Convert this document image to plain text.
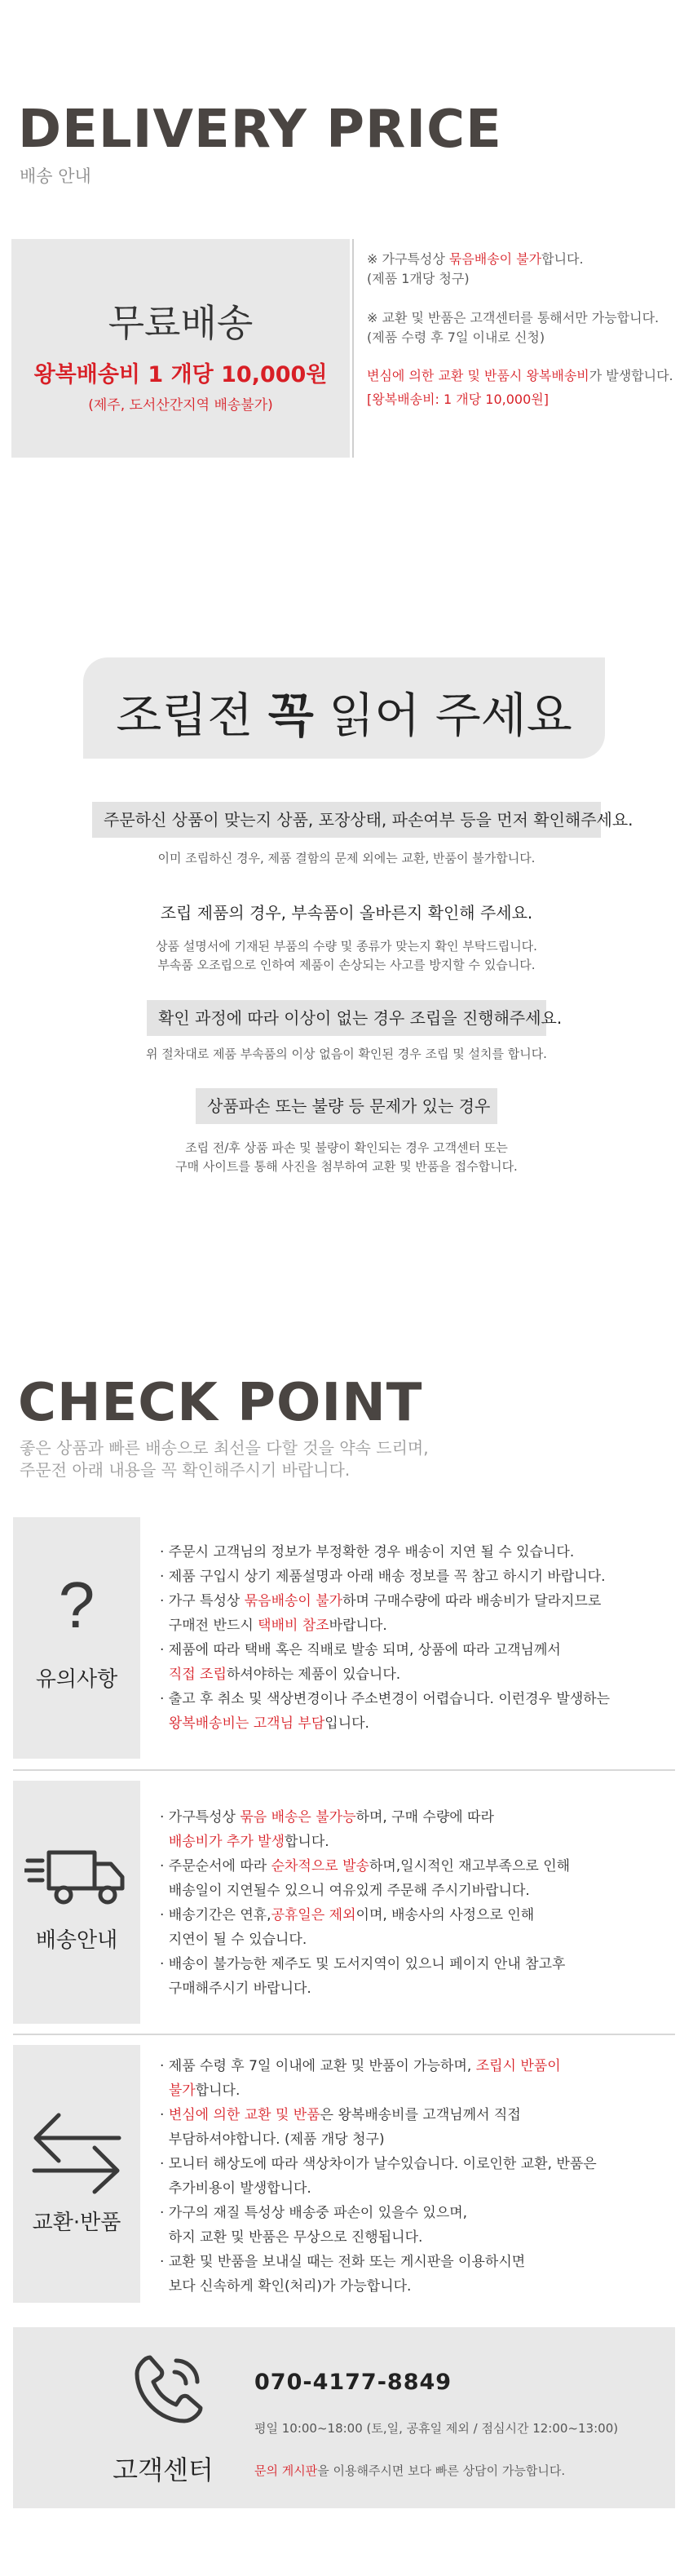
DELIVERY PRICE
배송 안내
무료배송
왕복배송비 1 개당 10,000원
(제주, 도서산간지역 배송불가)
※ 가구특성상 묶음배송이 불가합니다.
(제품 1개당 청구)
※ 교환 및 반품은 고객센터를 통해서만 가능합니다.
(제품 수령 후 7일 이내로 신청)
변심에 의한 교환 및 반품시 왕복배송비가 발생합니다.
[왕복배송비: 1 개당 10,000원]
조립전 꼭 읽어 주세요
주문하신 상품이 맞는지 상품, 포장상태, 파손여부 등을 먼저 확인해주세요.
이미 조립하신 경우, 제품 결함의 문제 외에는 교환, 반품이 불가합니다.
조립 제품의 경우, 부속품이 올바른지 확인해 주세요.
상품 설명서에 기재된 부품의 수량 및 종류가 맞는지 확인 부탁드립니다.
부속품 오조립으로 인하여 제품이 손상되는 사고를 방지할 수 있습니다.
확인 과정에 따라 이상이 없는 경우 조립을 진행해주세요.
위 절차대로 제품 부속품의 이상 없음이 확인된 경우 조립 및 설치를 합니다.
상품파손 또는 불량 등 문제가 있는 경우
조립 전/후 상품 파손 및 불량이 확인되는 경우 고객센터 또는
구매 사이트를 통해 사진을 첨부하여 교환 및 반품을 접수합니다.
CHECK POINT
좋은 상품과 빠른 배송으로 최선을 다할 것을 약속 드리며,
주문전 아래 내용을 꼭 확인해주시기 바랍니다.
?
유의사항
· 주문시 고객님의 정보가 부정확한 경우 배송이 지연 될 수 있습니다.
· 제품 구입시 상기 제품설명과 아래 배송 정보를 꼭 참고 하시기 바랍니다.
· 가구 특성상 묶음배송이 불가하며 구매수량에 따라 배송비가 달라지므로
구매전 반드시 택배비 참조바랍니다.
· 제품에 따라 택배 혹은 직배로 발송 되며, 상품에 따라 고객님께서
직접 조립하셔야하는 제품이 있습니다.
· 출고 후 취소 및 색상변경이나 주소변경이 어렵습니다. 이런경우 발생하는
왕복배송비는 고객님 부담입니다.
배송안내
· 가구특성상 묶음 배송은 불가능하며, 구매 수량에 따라
배송비가 추가 발생합니다.
· 주문순서에 따라 순차적으로 발송하며,일시적인 재고부족으로 인해
배송일이 지연될수 있으니 여유있게 주문해 주시기바랍니다.
· 배송기간은 연휴,공휴일은 제외이며, 배송사의 사정으로 인해
지연이 될 수 있습니다.
· 배송이 불가능한 제주도 및 도서지역이 있으니 페이지 안내 참고후
구매해주시기 바랍니다.
교환·반품
· 제품 수령 후 7일 이내에 교환 및 반품이 가능하며, 조립시 반품이
불가합니다.
· 변심에 의한 교환 및 반품은 왕복배송비를 고객님께서 직접
부담하셔야합니다. (제품 개당 청구)
· 모니터 해상도에 따라 색상차이가 날수있습니다. 이로인한 교환, 반품은
추가비용이 발생합니다.
· 가구의 재질 특성상 배송중 파손이 있을수 있으며,
하지 교환 및 반품은 무상으로 진행됩니다.
· 교환 및 반품을 보내실 때는 전화 또는 게시판을 이용하시면
보다 신속하게 확인(처리)가 가능합니다.
고객센터
070-4177-8849
평일 10:00~18:00 (토,일, 공휴일 제외 / 점심시간 12:00~13:00)
문의 게시판을 이용해주시면 보다 빠른 상담이 가능합니다.
